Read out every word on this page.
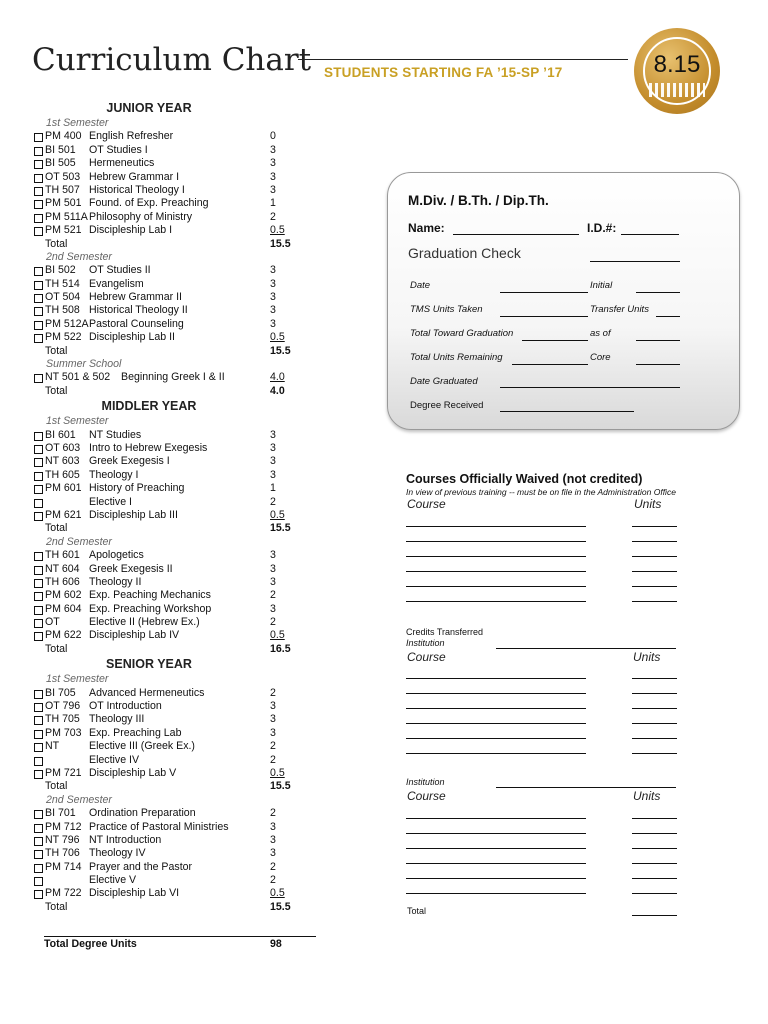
Curriculum Chart STUDENTS STARTING FA ’15-SP ’17	8.15
JUNIOR YEAR
1st Semester
PM 400 English Refresher	0
BI 501 OT Studies I	3
BI 505 Hermeneutics	3
OT 503 Hebrew Grammar I	3
TH 507 Historical Theology I	3
PM 501 Found. of Exp. Preaching	1
PM 511A Philosophy of Ministry	2
PM 521 Discipleship Lab I	0.5
Total	15.5
2nd Semester
BI 502 OT Studies II	3
TH 514 Evangelism	3
OT 504 Hebrew Grammar II	3
TH 508 Historical Theology II	3
PM 512A Pastoral Counseling	3
PM 522 Discipleship Lab II	0.5
Total	15.5
Summer School
NT 501 & 502 Beginning Greek I & II	4.0
Total	4.0
MIDDLER YEAR
1st Semester
BI 601 NT Studies	3
OT 603 Intro to Hebrew Exegesis	3
NT 603 Greek Exegesis I	3
TH 605 Theology I	3
PM 601 History of Preaching	1
Elective I	2
PM 621 Discipleship Lab III	0.5
Total	15.5
2nd Semester
TH 601 Apologetics	3
NT 604 Greek Exegesis II	3
TH 606 Theology II	3
PM 602 Exp. Peaching Mechanics	2
PM 604 Exp. Preaching Workshop	3
OT	Elective II (Hebrew Ex.)	2
PM 622 Discipleship Lab IV	0.5
Total	16.5
SENIOR YEAR
1st Semester
BI 705 Advanced Hermeneutics	2
OT 796 OT Introduction	3
TH 705 Theology III	3
PM 703 Exp. Preaching Lab	3
NT	Elective III (Greek Ex.)	2
Elective IV	2
PM 721 Discipleship Lab V	0.5
Total	15.5
2nd Semester
BI 701 Ordination Preparation	2
PM 712 Practice of Pastoral Ministries	3
NT 796 NT Introduction	3
TH 706 Theology IV	3
PM 714 Prayer and the Pastor	2
Elective V	2
PM 722 Discipleship Lab VI	0.5
Total	15.5
Total Degree Units	98
M.Div. / B.Th. / Dip.Th.
Name:	I.D.#:
Graduation Check
Date	Initial
TMS Units Taken	Transfer Units
Total Toward Graduation	as of
Total Units Remaining	Core
Date Graduated
Degree Received
Courses Officially Waived (not credited)
In view of previous training -- must be on file in the Administration Office
Course	Units
Credits Transferred
Institution
Course	Units
Institution
Course	Units
Total
